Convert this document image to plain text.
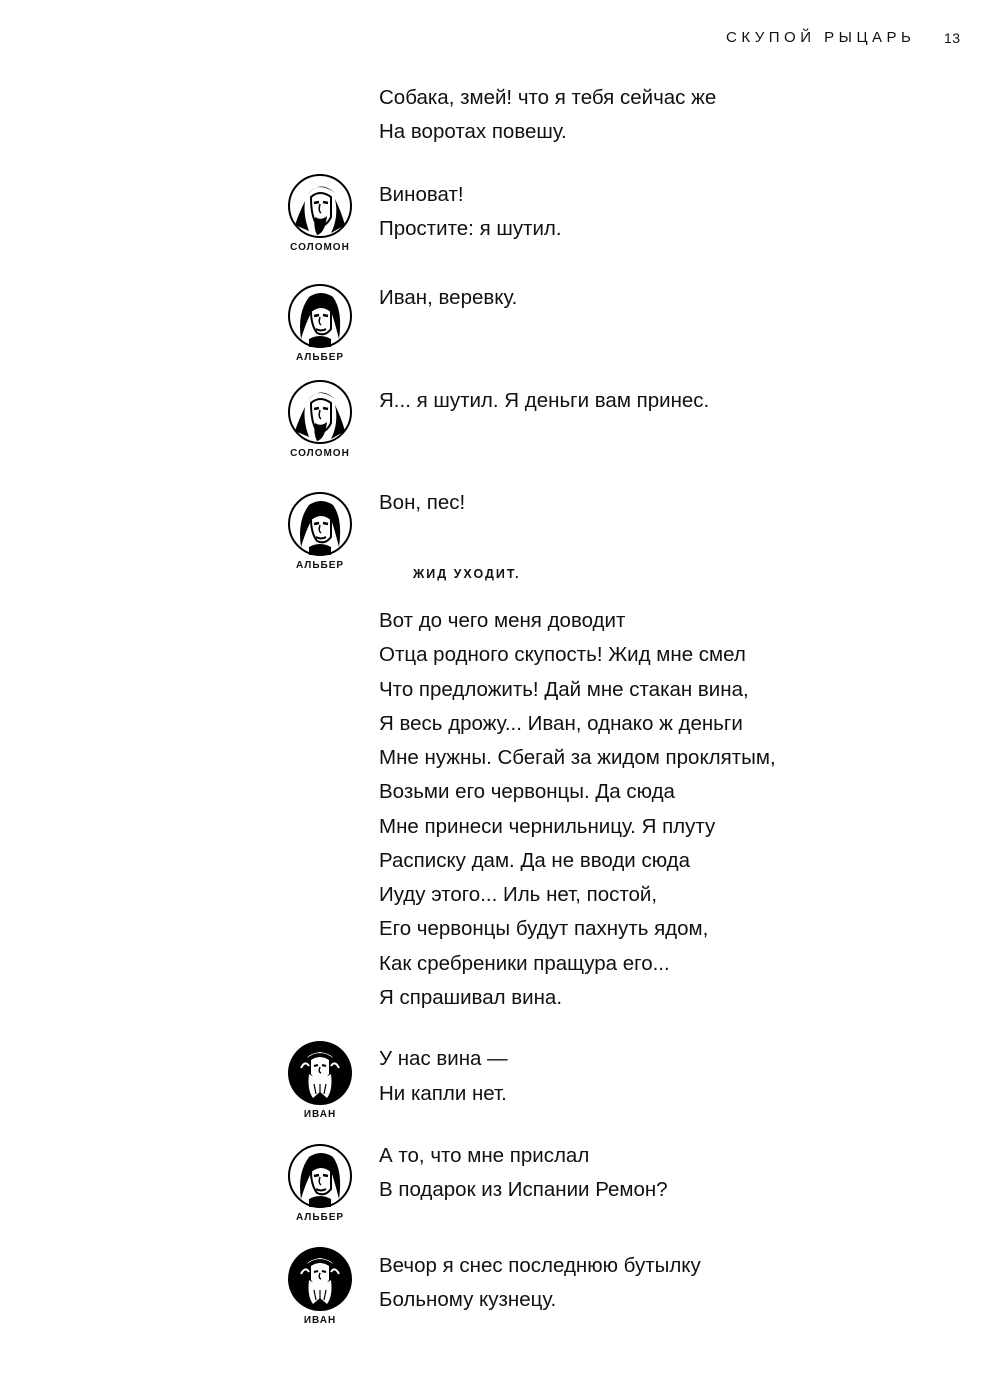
СКУПОЙ РЫЦАРЬ 13
Собака, змей! что я тебя сейчас же
На воротах повешу.
СОЛОМОН
Виноват!
Простите: я шутил.
АЛЬБЕР
Иван, веревку.
СОЛОМОН
Я... я шутил. Я деньги вам принес.
АЛЬБЕР
Вон, пес!
ЖИД УХОДИТ.
Вот до чего меня доводит
Отца родного скупость! Жид мне смел
Что предложить! Дай мне стакан вина,
Я весь дрожу... Иван, однако ж деньги
Мне нужны. Сбегай за жидом проклятым,
Возьми его червонцы. Да сюда
Мне принеси чернильницу. Я плуту
Расписку дам. Да не вводи сюда
Иуду этого... Иль нет, постой,
Его червонцы будут пахнуть ядом,
Как сребреники пращура его...
Я спрашивал вина.
ИВАН
У нас вина —
Ни капли нет.
АЛЬБЕР
А то, что мне прислал
В подарок из Испании Ремон?
ИВАН
Вечор я снес последнюю бутылку
Больному кузнецу.
